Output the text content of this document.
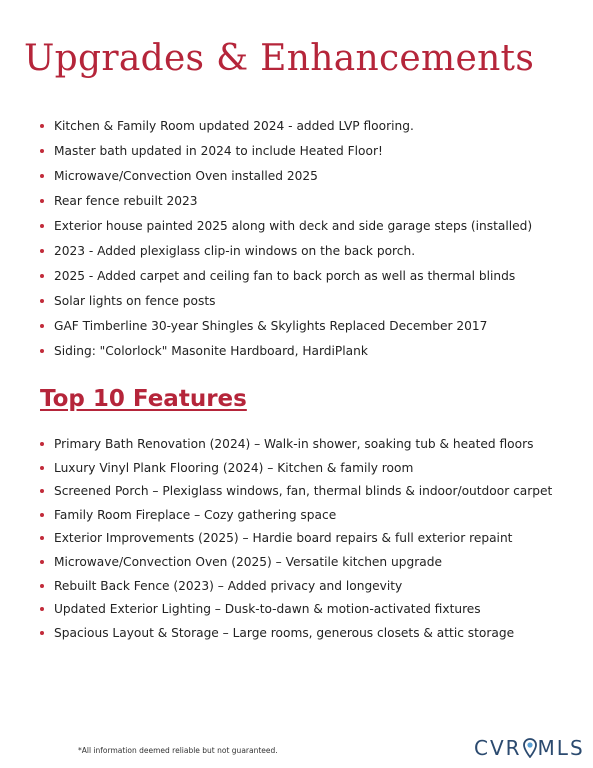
Upgrades & Enhancements
Kitchen & Family Room updated 2024 - added LVP flooring.
Master bath updated in 2024 to include Heated Floor!
Microwave/Convection Oven installed 2025
Rear fence rebuilt 2023
Exterior house painted 2025 along with deck and side garage steps (installed)
2023 - Added plexiglass clip-in windows on the back porch.
2025 - Added carpet and ceiling fan to back porch as well as thermal blinds
Solar lights on fence posts
GAF Timberline 30-year Shingles & Skylights Replaced December 2017
Siding: "Colorlock" Masonite Hardboard, HardiPlank
Top 10 Features
Primary Bath Renovation (2024) – Walk-in shower, soaking tub & heated floors
Luxury Vinyl Plank Flooring (2024) – Kitchen & family room
Screened Porch – Plexiglass windows, fan, thermal blinds & indoor/outdoor carpet
Family Room Fireplace – Cozy gathering space
Exterior Improvements (2025) – Hardie board repairs & full exterior repaint
Microwave/Convection Oven (2025) – Versatile kitchen upgrade
Rebuilt Back Fence (2023) – Added privacy and longevity
Updated Exterior Lighting – Dusk-to-dawn & motion-activated fixtures
Spacious Layout & Storage – Large rooms, generous closets & attic storage
*All information deemed reliable but not guaranteed.	CVR MLS
